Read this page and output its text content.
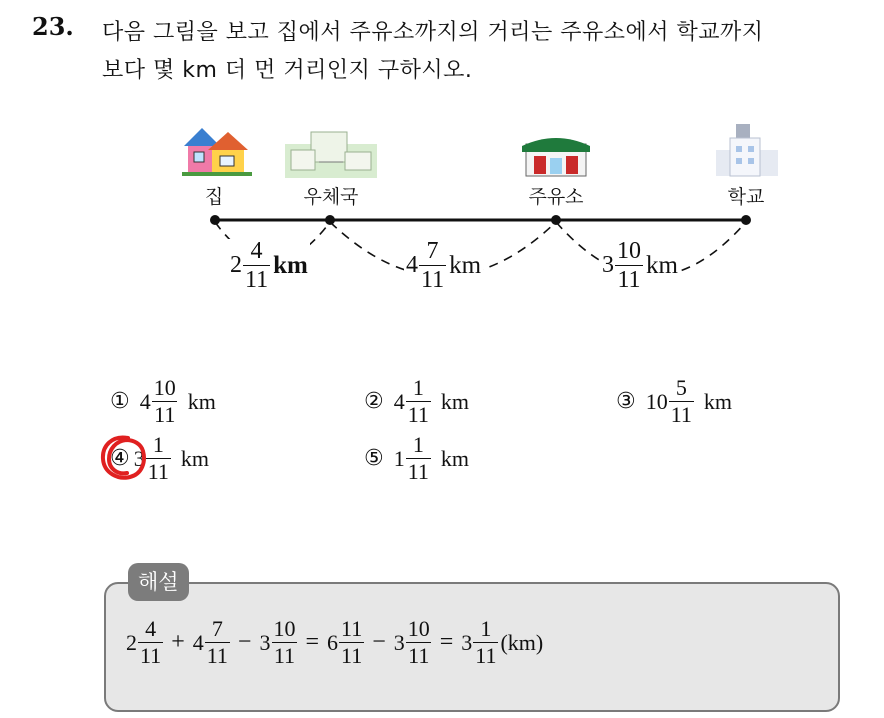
23. 다음 그림을 보고 집에서 주유소까지의 거리는 주유소에서 학교까지
보다 몇 km 더 먼 거리인지 구하시오.
집	우체국	주유소	학교
$2 \frac{4}{11}$ km	$4 \frac{7}{11}$ km	$3 \frac{10}{11}$ km
① $4 \frac{10}{11}$ km	② $4 \frac{1}{11}$ km	③ $10 \frac{5}{11}$ km
④ $3 \frac{1}{11}$ km	⑤ $1 \frac{1}{11}$ km
해설
$2 \frac{4}{11} + 4 \frac{7}{11} - 3 \frac{10}{11} = 6 \frac{11}{11} - 3 \frac{10}{11} = 3 \frac{1}{11} (km)$
